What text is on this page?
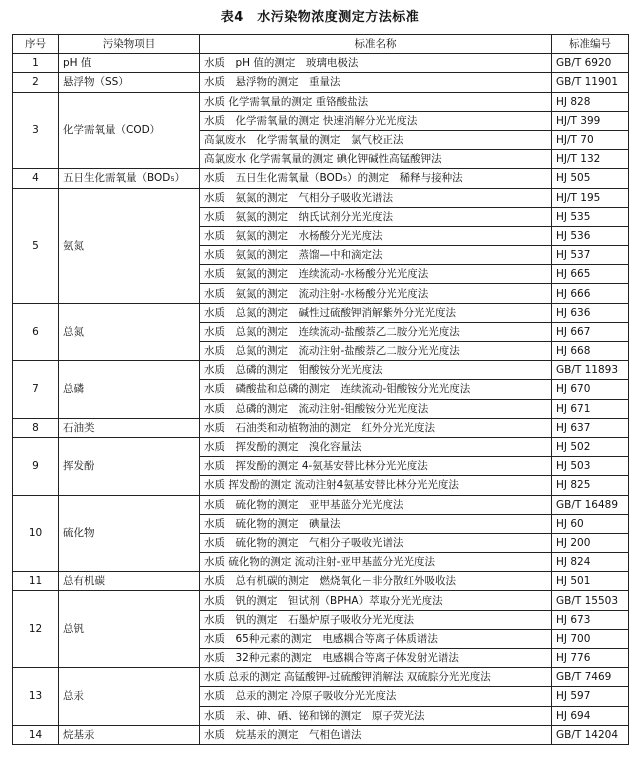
表4　水污染物浓度测定方法标准
序号	污染物项目	标准名称	标准编号
1	pH 值	水质　pH 值的测定　玻璃电极法	GB/T 6920
2	悬浮物（SS）	水质　悬浮物的测定　重量法	GB/T 11901
3	化学需氧量（COD）	水质 化学需氧量的测定 重铬酸盐法	HJ 828
		水质　化学需氧量的测定 快速消解分光光度法	HJ/T 399
		高氯废水　化学需氧量的测定　氯气校正法	HJ/T 70
		高氯废水 化学需氧量的测定 碘化钾碱性高锰酸钾法	HJ/T 132
4	五日生化需氧量（BOD₅）	水质　五日生化需氧量（BOD₅）的测定　稀释与接种法	HJ 505
5	氨氮	水质　氨氮的测定　气相分子吸收光谱法	HJ/T 195
		水质　氨氮的测定　纳氏试剂分光光度法	HJ 535
		水质　氨氮的测定　水杨酸分光光度法	HJ 536
		水质　氨氮的测定　蒸馏—中和滴定法	HJ 537
		水质　氨氮的测定　连续流动-水杨酸分光光度法	HJ 665
		水质　氨氮的测定　流动注射-水杨酸分光光度法	HJ 666
6	总氮	水质　总氮的测定　碱性过硫酸钾消解紫外分光光度法	HJ 636
		水质　总氮的测定　连续流动-盐酸萘乙二胺分光光度法	HJ 667
		水质　总氮的测定　流动注射-盐酸萘乙二胺分光光度法	HJ 668
7	总磷	水质　总磷的测定　钼酸铵分光光度法	GB/T 11893
		水质　磷酸盐和总磷的测定　连续流动-钼酸铵分光光度法	HJ 670
		水质　总磷的测定　流动注射-钼酸铵分光光度法	HJ 671
8	石油类	水质　石油类和动植物油的测定　红外分光光度法	HJ 637
9	挥发酚	水质　挥发酚的测定　溴化容量法	HJ 502
		水质　挥发酚的测定 4-氨基安替比林分光光度法	HJ 503
		水质 挥发酚的测定 流动注射4氨基安替比林分光光度法	HJ 825
10	硫化物	水质　硫化物的测定　亚甲基蓝分光光度法	GB/T 16489
		水质　硫化物的测定　碘量法	HJ 60
		水质　硫化物的测定　气相分子吸收光谱法	HJ 200
		水质 硫化物的测定 流动注射-亚甲基蓝分光光度法	HJ 824
11	总有机碳	水质　总有机碳的测定　燃烧氧化－非分散红外吸收法	HJ 501
12	总钒	水质　钒的测定　钽试剂（BPHA）萃取分光光度法	GB/T 15503
		水质　钒的测定　石墨炉原子吸收分光光度法	HJ 673
		水质　65种元素的测定　电感耦合等离子体质谱法	HJ 700
		水质　32种元素的测定　电感耦合等离子体发射光谱法	HJ 776
13	总汞	水质 总汞的测定 高锰酸钾-过硫酸钾消解法 双硫腙分光光度法	GB/T 7469
		水质　总汞的测定 冷原子吸收分光光度法	HJ 597
		水质　汞、砷、硒、铋和锑的测定　原子荧光法	HJ 694
14	烷基汞	水质　烷基汞的测定　气相色谱法	GB/T 14204
